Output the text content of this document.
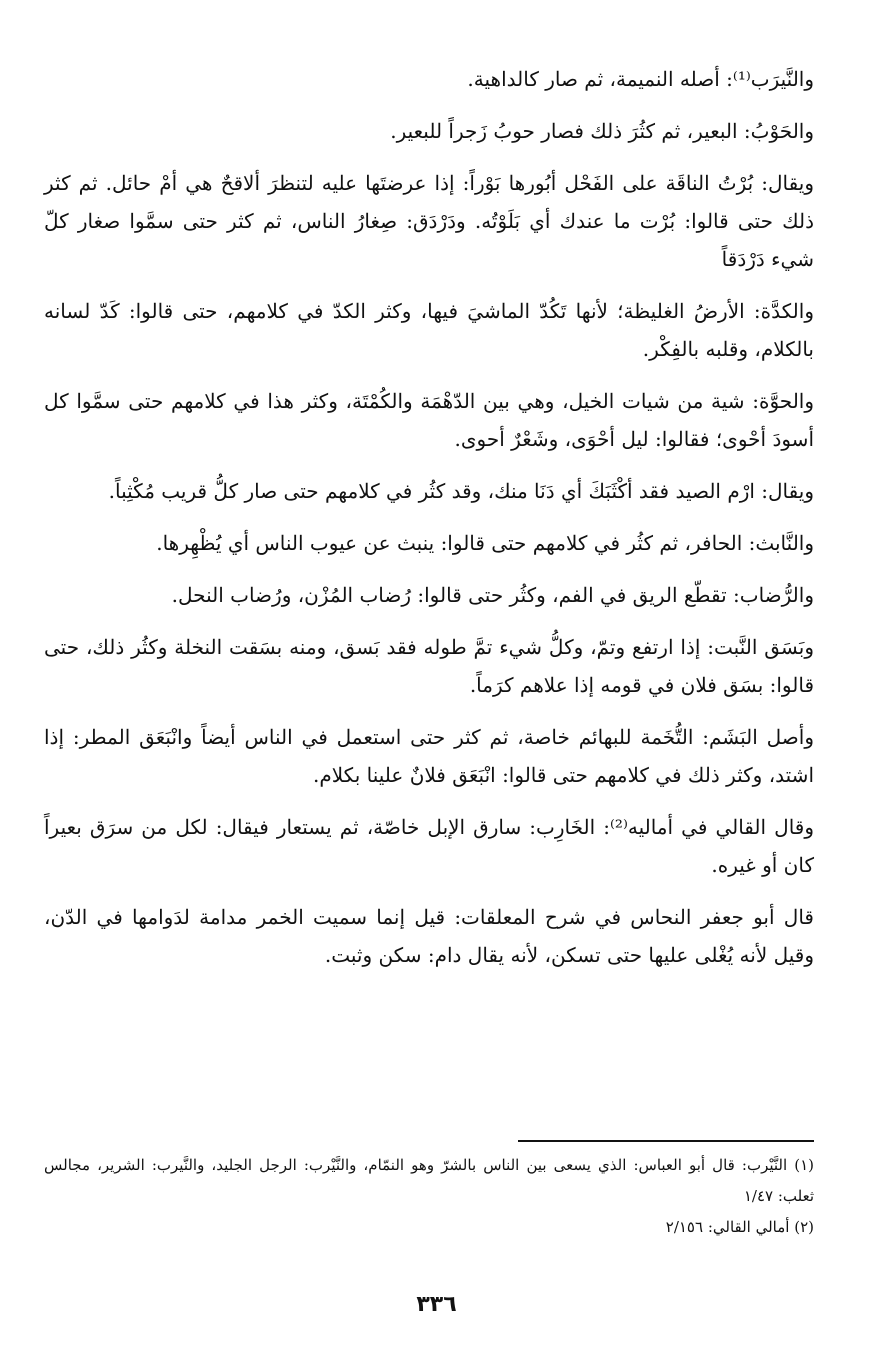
والنَّيرَب⁽¹⁾: أصله النميمة، ثم صار كالداهية.

والحَوْبُ: البعير، ثم كثُرَ ذلك فصار حوبُ زَجراً للبعير.

ويقال: بُرْتُ الناقَة على الفَحْل أبُورها بَوْراً: إذا عرضتَها عليه لتنظرَ ألاقحٌ هي أمْ حائل. ثم كثر ذلك حتى قالوا: بُرْت ما عندك أي بَلَوْتُه. ودَرْدَق: صِغارُ الناس، ثم كثر حتى سمَّوا صغار كلّ شيء دَرْدَقاً

والكدَّة: الأرضُ الغليظة؛ لأنها تَكُدّ الماشيَ فيها، وكثر الكدّ في كلامهم، حتى قالوا: كَدّ لسانه بالكلام، وقلبه بالفِكْر.

والحوَّة: شية من شيات الخيل، وهي بين الدّهْمَة والكُمْتَة، وكثر هذا في كلامهم حتى سمَّوا كل أسودَ أحْوى؛ فقالوا: ليل أحْوَى، وشَعْرٌ أحوى.

ويقال: ارْم الصيد فقد أكْثَبَكَ أي دَنَا منك، وقد كثُر في كلامهم حتى صار كلُّ قريب مُكْثِباً.

والنَّابث: الحافر، ثم كثُر في كلامهم حتى قالوا: ينبث عن عيوب الناس أي يُظْهِرها.

والرُّضاب: تقطّع الريق في الفم، وكثُر حتى قالوا: رُضاب المُزْن، ورُضاب النحل.

وبَسَق النَّبت: إذا ارتفع وتمّ، وكلُّ شيء تمَّ طوله فقد بَسق، ومنه بسَقت النخلة وكثُر ذلك، حتى قالوا: بسَق فلان في قومه إذا علاهم كرَماً.

وأصل البَشَم: التُّخَمة للبهائم خاصة، ثم كثر حتى استعمل في الناس أيضاً وانْبَعَق المطر: إذا اشتد، وكثر ذلك في كلامهم حتى قالوا: انْبَعَق فلانٌ علينا بكلام.

وقال القالي في أماليه⁽²⁾: الخَارِب: سارق الإبل خاصّة، ثم يستعار فيقال: لكل من سرَق بعيراً كان أو غيره.

قال أبو جعفر النحاس في شرح المعلقات: قيل إنما سميت الخمر مدامة لدَوامها في الدّن، وقيل لأنه يُغْلى عليها حتى تسكن، لأنه يقال دام: سكن وثبت.

(١) النَّيْرب: قال أبو العباس: الذي يسعى بين الناس بالشرّ وهو النمّام، والنَّيْرب: الرجل الجليد، والنَّيرب: الشرير، مجالس ثعلب: ١/٤٧

(٢) أمالي القالي: ٢/١٥٦

٣٣٦
